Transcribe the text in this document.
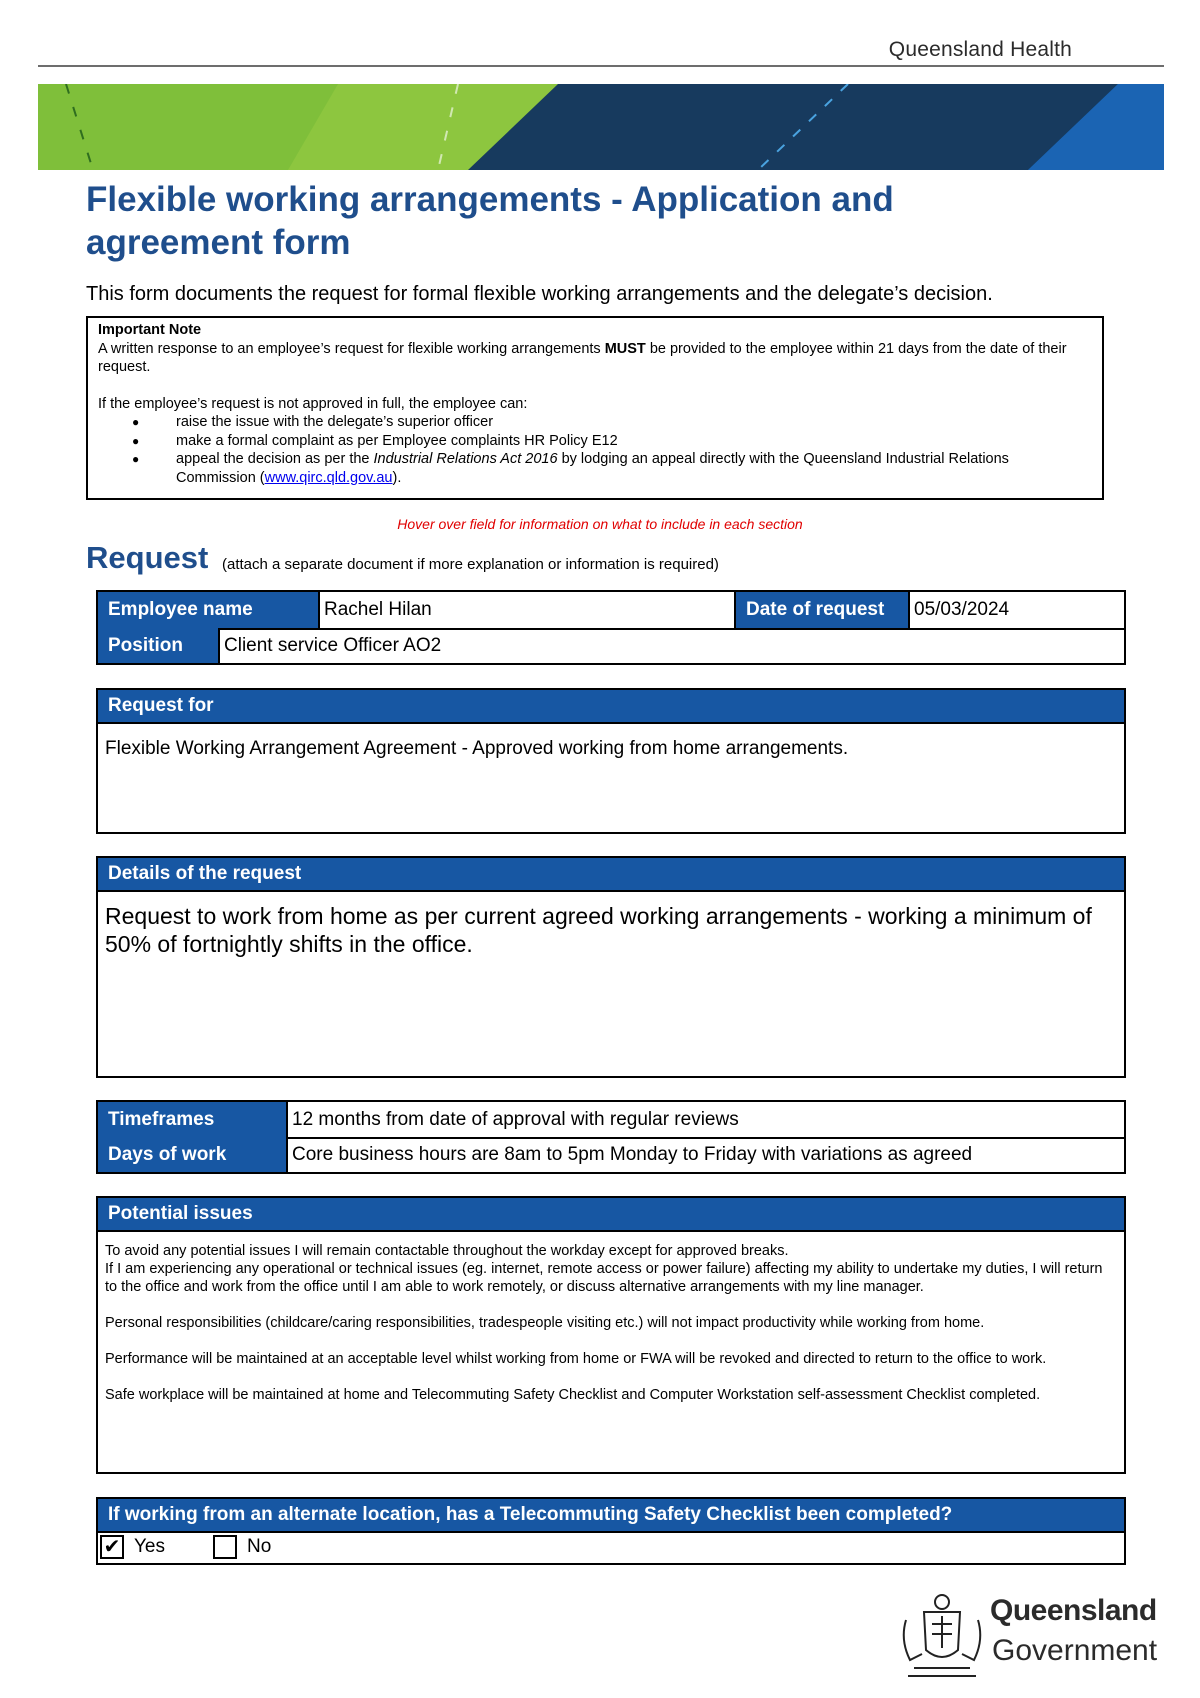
Queensland Health
Flexible working arrangements - Application and
agreement form
This form documents the request for formal flexible working arrangements and the delegate’s decision.
Important Note
A written response to an employee’s request for flexible working arrangements MUST be provided to the employee within 21 days from the date of their request.
If the employee’s request is not approved in full, the employee can:
● raise the issue with the delegate’s superior officer
● make a formal complaint as per Employee complaints HR Policy E12
● appeal the decision as per the Industrial Relations Act 2016 by lodging an appeal directly with the Queensland Industrial Relations Commission (www.qirc.qld.gov.au).
Hover over field for information on what to include in each section
Request (attach a separate document if more explanation or information is required)
Employee name	Rachel Hilan	Date of request	05/03/2024
Position	Client service Officer AO2
Request for
Flexible Working Arrangement Agreement - Approved working from home arrangements.
Details of the request
Request to work from home as per current agreed working arrangements - working a minimum of 50% of fortnightly shifts in the office.
Timeframes	12 months from date of approval with regular reviews
Days of work	Core business hours are 8am to 5pm Monday to Friday with variations as agreed
Potential issues
To avoid any potential issues I will remain contactable throughout the workday except for approved breaks.

If I am experiencing any operational or technical issues (eg. internet, remote access or power failure) affecting my ability to undertake my duties, I will return to the office and work from the office until I am able to work remotely, or discuss alternative arrangements with my line manager.

Personal responsibilities (childcare/caring responsibilities, tradespeople visiting etc.) will not impact productivity while working from home.

Performance will be maintained at an acceptable level whilst working from home or FWA will be revoked and directed to return to the office to work.

Safe workplace will be maintained at home and Telecommuting Safety Checklist and Computer Workstation self-assessment Checklist completed.

If working from an alternate location, has a Telecommuting Safety Checklist been completed?
✔ Yes	No
Queensland
Government
